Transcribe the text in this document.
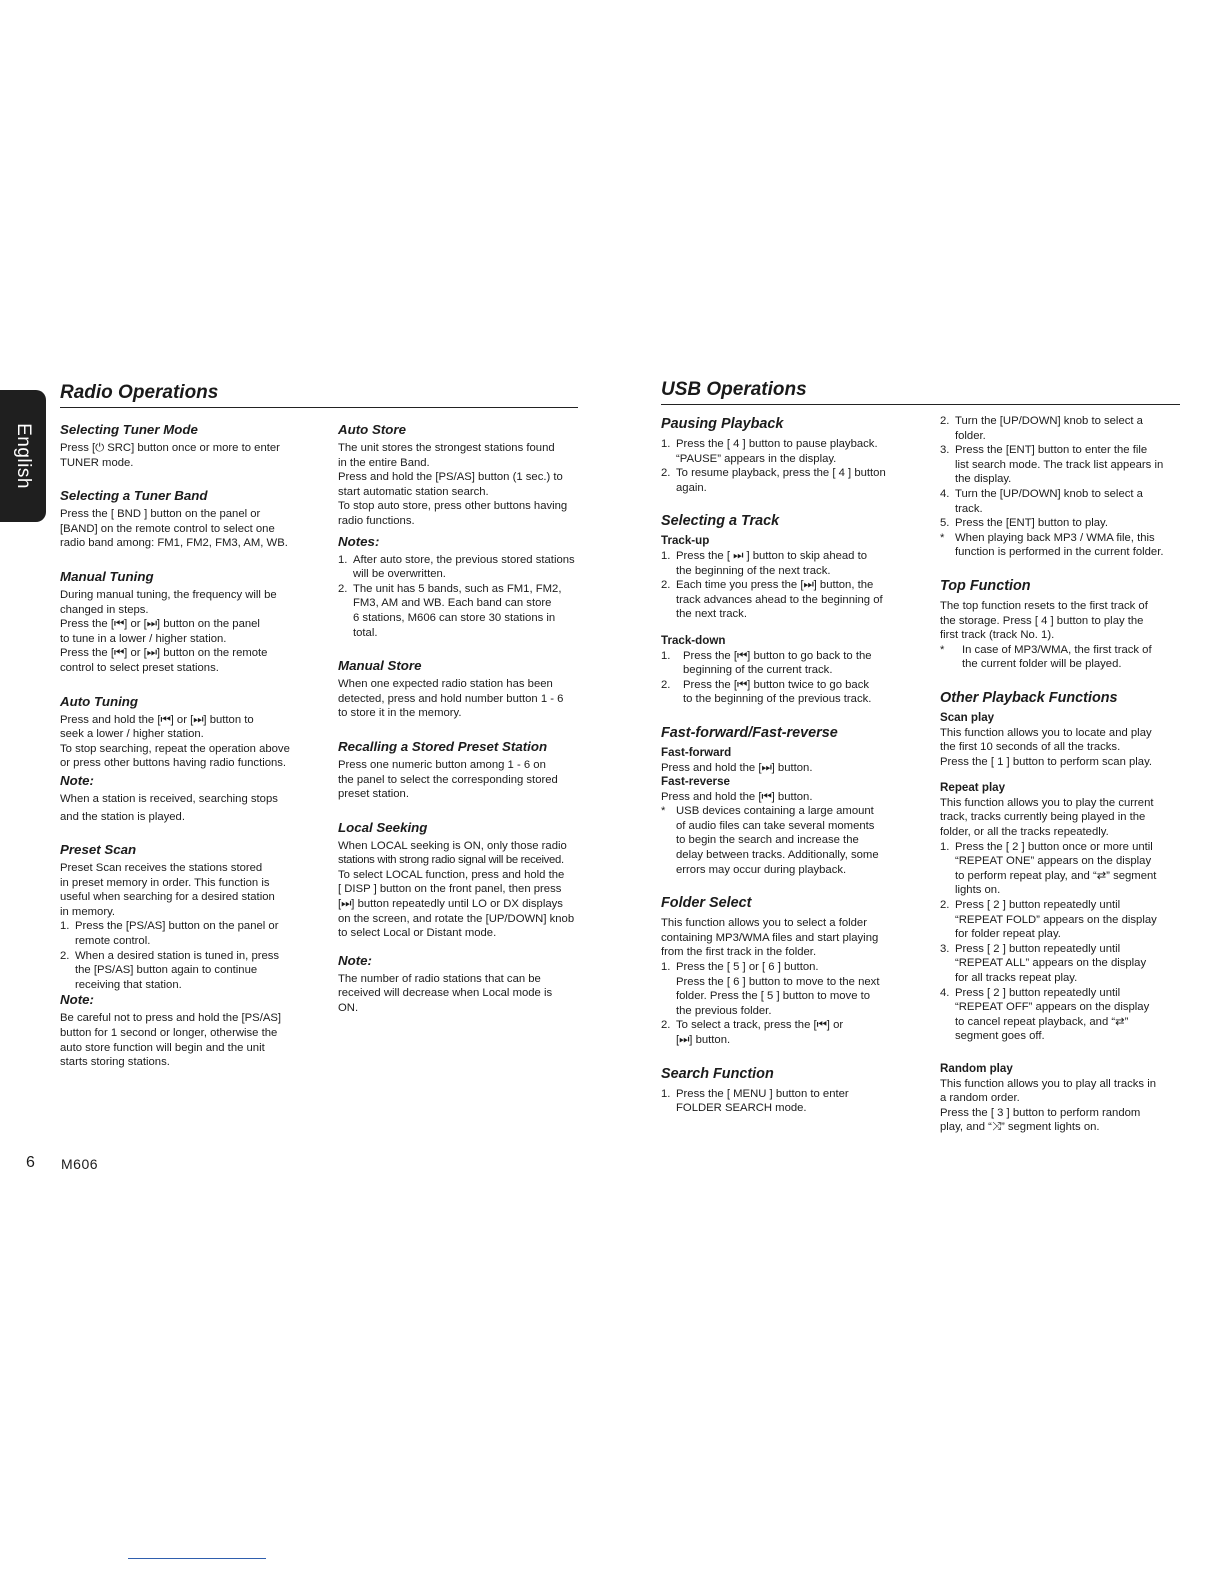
English
Radio Operations	USB Operations
Selecting Tuner Mode

Press [⏻ SRC] button once or more to enter

TUNER mode.

Selecting a Tuner Band

Press the [ BND ] button on the panel or

[BAND] on the remote control to select one

radio band among: FM1, FM2, FM3, AM, WB.

Manual Tuning

During manual tuning, the frequency will be

changed in steps.

Press the [⏮] or [⏭] button on the panel

to tune in a lower / higher station.

Press the [⏮] or [⏭] button on the remote

control to select preset stations.

Auto Tuning

Press and hold the [⏮] or [⏭] button to

seek a lower / higher station.

To stop searching, repeat the operation above

or press other buttons having radio functions.

Note:

When a station is received, searching stops

and the station is played.

Preset Scan

Preset Scan receives the stations stored

in preset memory in order. This function is

useful when searching for a desired station

in memory.

1. Press the [PS/AS] button on the panel or

remote control.

2. When a desired station is tuned in, press

the [PS/AS] button again to continue

receiving that station.

Note:

Be careful not to press and hold the [PS/AS]

button for 1 second or longer, otherwise the

auto store function will begin and the unit

starts storing stations.

Auto Store

The unit stores the strongest stations found

in the entire Band.

Press and hold the [PS/AS] button (1 sec.) to

start automatic station search.

To stop auto store, press other buttons having

radio functions.

Notes:
1. After auto store, the previous stored stations

will be overwritten.

2. The unit has 5 bands, such as FM1, FM2,

FM3, AM and WB. Each band can store

6 stations, M606 can store 30 stations in

total.

Manual Store

When one expected radio station has been

detected, press and hold number button 1 - 6

to store it in the memory.

Recalling a Stored Preset Station

Press one numeric button among 1 - 6 on

the panel to select the corresponding stored

preset station.

Local Seeking

When LOCAL seeking is ON, only those radio

stations with strong radio signal will be received.

To select LOCAL function, press and hold the

[ DISP ] button on the front panel, then press

[⏭] button repeatedly until LO or DX displays

on the screen, and rotate the [UP/DOWN] knob

to select Local or Distant mode.

Note:

The number of radio stations that can be

received will decrease when Local mode is

ON.

Pausing Playback
1. Press the [ 4 ] button to pause playback.

“PAUSE” appears in the display.

2. To resume playback, press the [ 4 ] button

again.

Selecting a Track
Track-up
1. Press the [ ⏭ ] button to skip ahead to

the beginning of the next track.

2. Each time you press the [⏭] button, the

track advances ahead to the beginning of

the next track.

Track-down
1. Press the [⏮] button to go back to the

beginning of the current track.

2. Press the [⏮] button twice to go back

to the beginning of the previous track.

Fast-forward/Fast-reverse
Fast-forward

Press and hold the [⏭] button.

Fast-reverse

Press and hold the [⏮] button.

* USB devices containing a large amount

of audio files can take several moments

to begin the search and increase the

delay between tracks. Additionally, some

errors may occur during playback.

Folder Select

This function allows you to select a folder

containing MP3/WMA files and start playing

from the first track in the folder.

1. Press the [ 5 ] or [ 6 ] button.

Press the [ 6 ] button to move to the next

folder. Press the [ 5 ] button to move to

the previous folder.

2. To select a track, press the [⏮] or

[⏭] button.

Search Function
1. Press the [ MENU ] button to enter

FOLDER SEARCH mode.

2. Turn the [UP/DOWN] knob to select a

folder.

3. Press the [ENT] button to enter the file

list search mode. The track list appears in

the display.

4. Turn the [UP/DOWN] knob to select a

track.

5. Press the [ENT] button to play.

* When playing back MP3 / WMA file, this

function is performed in the current folder.

Top Function

The top function resets to the first track of

the storage. Press [ 4 ] button to play the

first track (track No. 1).

* In case of MP3/WMA, the first track of

the current folder will be played.

Other Playback Functions
Scan play

This function allows you to locate and play

the first 10 seconds of all the tracks.

Press the [ 1 ] button to perform scan play.

Repeat play

This function allows you to play the current

track, tracks currently being played in the

folder, or all the tracks repeatedly.

1. Press the [ 2 ] button once or more until

“REPEAT ONE” appears on the display

to perform repeat play, and “⇄” segment

lights on.

2. Press [ 2 ] button repeatedly until

“REPEAT FOLD” appears on the display

for folder repeat play.

3. Press [ 2 ] button repeatedly until

“REPEAT ALL” appears on the display

for all tracks repeat play.

4. Press [ 2 ] button repeatedly until

“REPEAT OFF” appears on the display

to cancel repeat playback, and “⇄”

segment goes off.

Random play

This function allows you to play all tracks in

a random order.

Press the [ 3 ] button to perform random

play, and “⤨” segment lights on.

6 M606
